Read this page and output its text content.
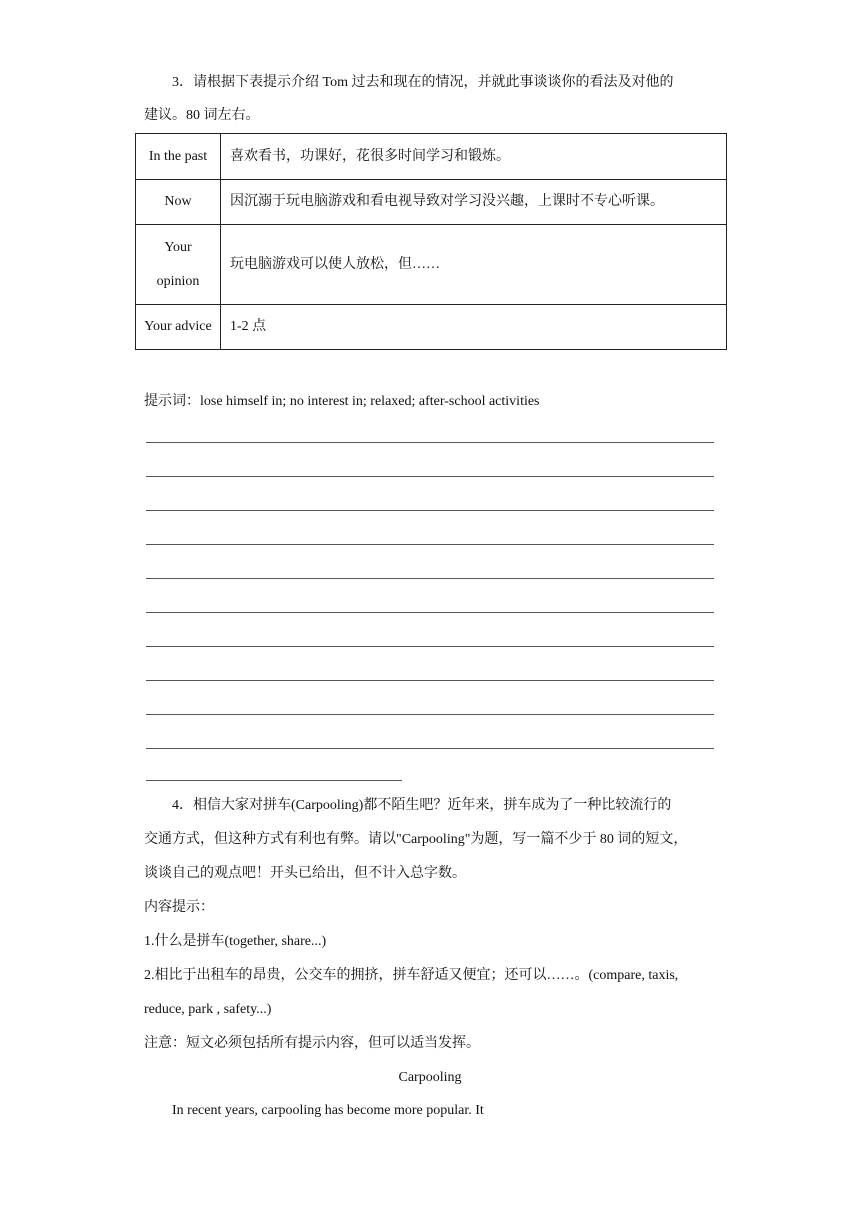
3．请根据下表提示介绍 Tom 过去和现在的情况，并就此事谈谈你的看法及对他的
建议。80 词左右。
In the past	喜欢看书，功课好，花很多时间学习和锻炼。
Now	因沉溺于玩电脑游戏和看电视导致对学习没兴趣，上课时不专心听课。

Your
opinion	玩电脑游戏可以使人放松，但……
Your advice	1-2 点
提示词：lose himself in; no interest in; relaxed; after-school activities
4．相信大家对拼车(Carpooling)都不陌生吧？近年来，拼车成为了一种比较流行的
交通方式，但这种方式有利也有弊。请以"Carpooling"为题，写一篇不少于 80 词的短文，
谈谈自己的观点吧！开头已给出，但不计入总字数。
内容提示：
1.什么是拼车(together, share...)
2.相比于出租车的昂贵，公交车的拥挤，拼车舒适又便宜；还可以……。(compare, taxis,
reduce, park , safety...)
注意：短文必须包括所有提示内容，但可以适当发挥。
Carpooling
In recent years, carpooling has become more popular. It
